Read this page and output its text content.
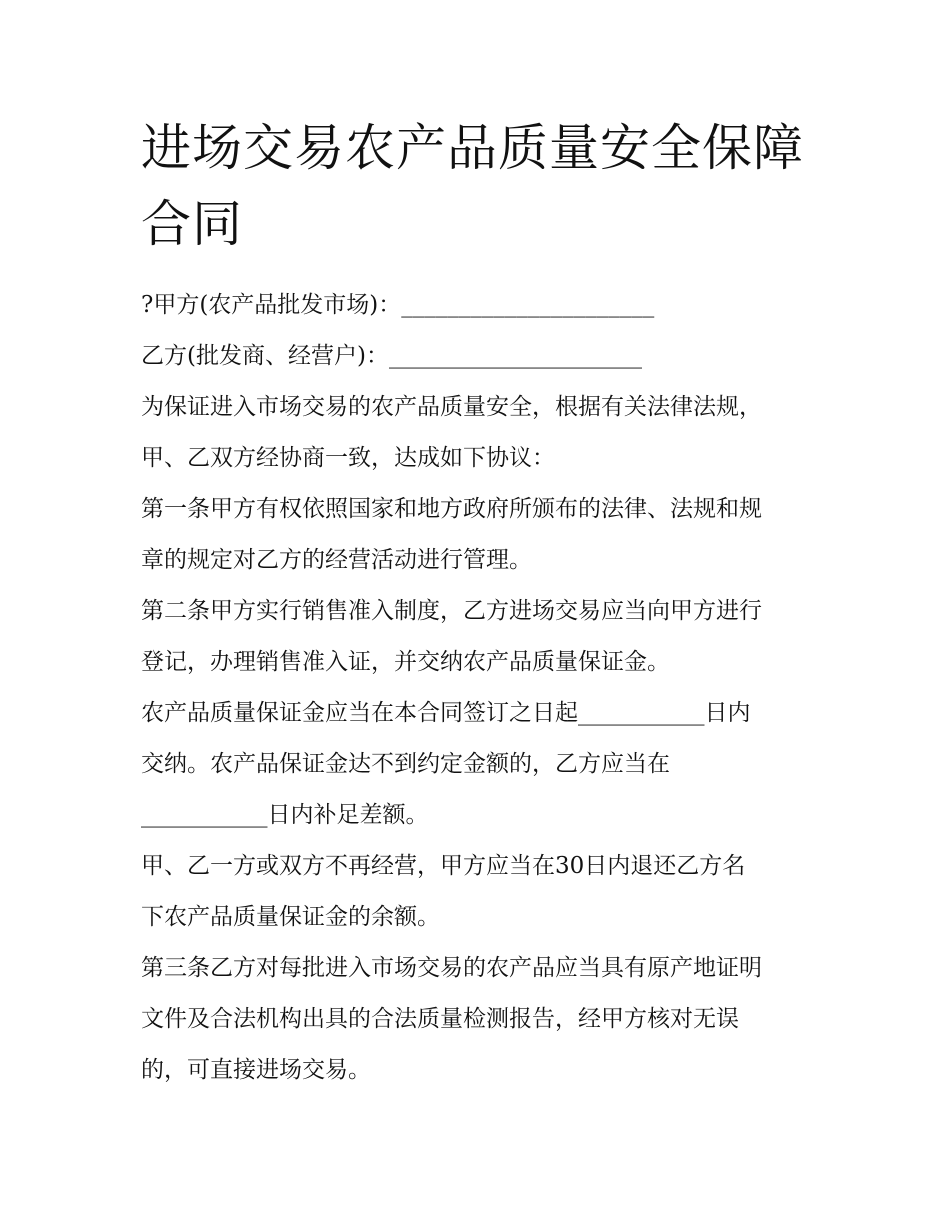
进场交易农产品质量安全保障
合同

?甲方(农产品批发市场)：______________________

乙方(批发商、经营户)：______________________

为保证进入市场交易的农产品质量安全，根据有关法律法规，

甲、乙双方经协商一致，达成如下协议：

第一条甲方有权依照国家和地方政府所颁布的法律、法规和规

章的规定对乙方的经营活动进行管理。

第二条甲方实行销售准入制度，乙方进场交易应当向甲方进行

登记，办理销售准入证，并交纳农产品质量保证金。

农产品质量保证金应当在本合同签订之日起___________日内

交纳。农产品保证金达不到约定金额的，乙方应当在

___________日内补足差额。

甲、乙一方或双方不再经营，甲方应当在30日内退还乙方名

下农产品质量保证金的余额。

第三条乙方对每批进入市场交易的农产品应当具有原产地证明

文件及合法机构出具的合法质量检测报告，经甲方核对无误

的，可直接进场交易。
